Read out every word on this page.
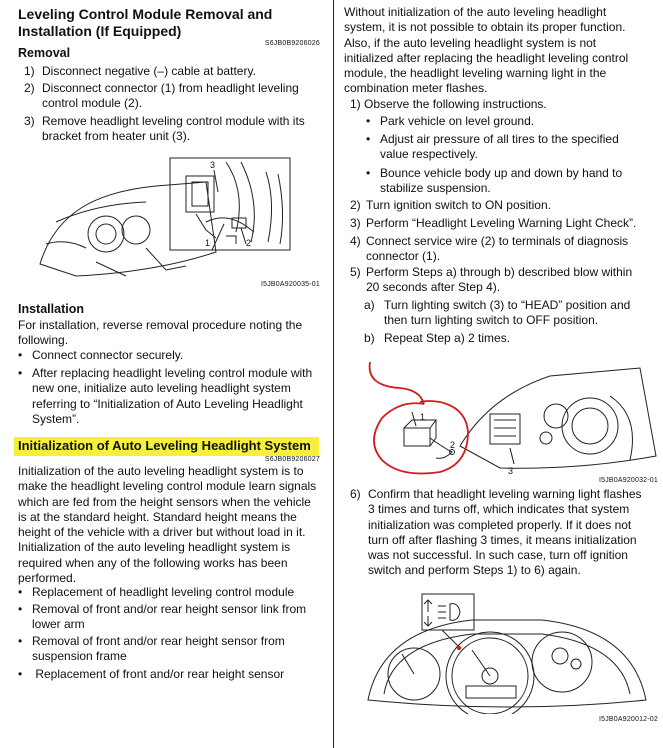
Leveling Control Module Removal and
Installation (If Equipped)
S6JB0B9206026
Removal
1) Disconnect negative (–) cable at battery.
2) Disconnect connector (1) from headlight leveling
control module (2).
3) Remove headlight leveling control module with its
bracket from heater unit (3).
3
1	2
I5JB0A920035-01
Installation
For installation, reverse removal procedure noting the
following.
• Connect connector securely.
• After replacing headlight leveling control module with
new one, initialize auto leveling headlight system
referring to “Initialization of Auto Leveling Headlight
System”.
Initialization of Auto Leveling Headlight System
S6JB0B9206027
Initialization of the auto leveling headlight system is to
make the headlight leveling control module learn signals
which are fed from the height sensors when the vehicle
is at the standard height. Standard height means the
height of the vehicle with a driver but without load in it.
Initialization of the auto leveling headlight system is
required when any of the following works has been
performed.
• Replacement of headlight leveling control module
• Removal of front and/or rear height sensor link from
lower arm
• Removal of front and/or rear height sensor from
suspension frame
• Replacement of front and/or rear height sensor
Without initialization of the auto leveling headlight
system, it is not possible to obtain its proper function.
Also, if the auto leveling headlight system is not
initialized after replacing the headlight leveling control
module, the headlight leveling warning light in the
combination meter flashes.
1) Observe the following instructions.
• Park vehicle on level ground.
• Adjust air pressure of all tires to the specified
value respectively.
• Bounce vehicle body up and down by hand to
stabilize suspension.
2) Turn ignition switch to ON position.
3) Perform “Headlight Leveling Warning Light Check”.
4) Connect service wire (2) to terminals of diagnosis
connector (1).
5) Perform Steps a) through b) described blow within
20 seconds after Step 4).
a) Turn lighting switch (3) to “HEAD” position and
then turn lighting switch to OFF position.
b) Repeat Step a) 2 times.
1
2
3
I5JB0A920032-01
6) Confirm that headlight leveling warning light flashes
3 times and turns off, which indicates that system
initialization was completed properly. If it does not
turn off after flashing 3 times, it means initialization
was not successful. In such case, turn off ignition
switch and perform Steps 1) to 6) again.
I5JB0A920012-02
